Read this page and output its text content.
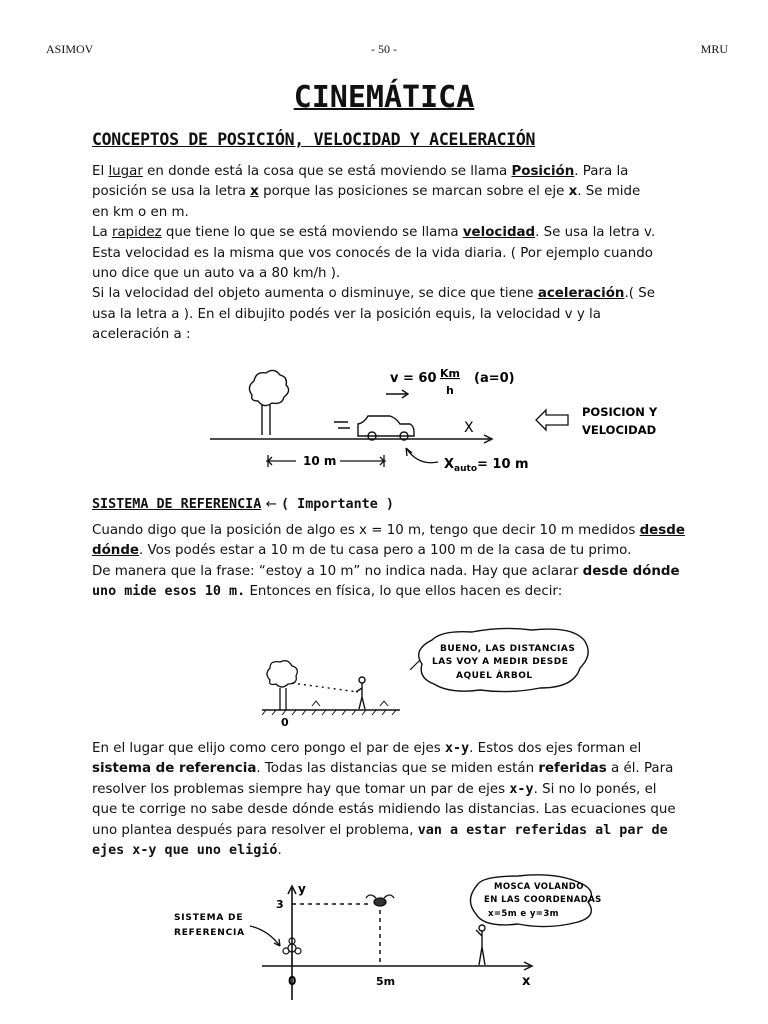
ASIMOV	- 50 -	MRU
CINEMÁTICA
CONCEPTOS DE POSICIÓN, VELOCIDAD Y ACELERACIÓN

El lugar en donde está la cosa que se está moviendo se llama Posición. Para la

posición se usa la letra x porque las posiciones se marcan sobre el eje x. Se mide

en km o en m.

La rapidez que tiene lo que se está moviendo se llama velocidad. Se usa la letra v.

Esta velocidad es la misma que vos conocés de la vida diaria. ( Por ejemplo cuando

uno dice que un auto va a 80 km/h ).

Si la velocidad del objeto aumenta o disminuye, se dice que tiene aceleración.( Se

usa la letra a ). En el dibujito podés ver la posición equis, la velocidad v y la

aceleración a :

v = 60 Km
h
(a=0)
X
POSICION Y
VELOCIDAD
10 m	$X_{auto}= 10$ m
SISTEMA DE REFERENCIA ← ( Importante )

Cuando digo que la posición de algo es x = 10 m, tengo que decir 10 m medidos desde

dónde. Vos podés estar a 10 m de tu casa pero a 100 m de la casa de tu primo.

De manera que la frase: “estoy a 10 m” no indica nada. Hay que aclarar desde dónde

uno mide esos 10 m. Entonces en física, lo que ellos hacen es decir:

BUENO, LAS DISTANCIAS
LAS VOY A MEDIR DESDE
AQUEL ÁRBOL
0

En el lugar que elijo como cero pongo el par de ejes x-y. Estos dos ejes forman el

sistema de referencia. Todas las distancias que se miden están referidas a él. Para

resolver los problemas siempre hay que tomar un par de ejes x-y. Si no lo ponés, el

que te corrige no sabe desde dónde estás midiendo las distancias. Las ecuaciones que

uno plantea después para resolver el problema, van a estar referidas al par de

ejes x-y que uno eligió.

SISTEMA DE
REFERENCIA
y
3
0	5m	x
MOSCA VOLANDO
EN LAS COORDENADAS
x=5m e y=3m
